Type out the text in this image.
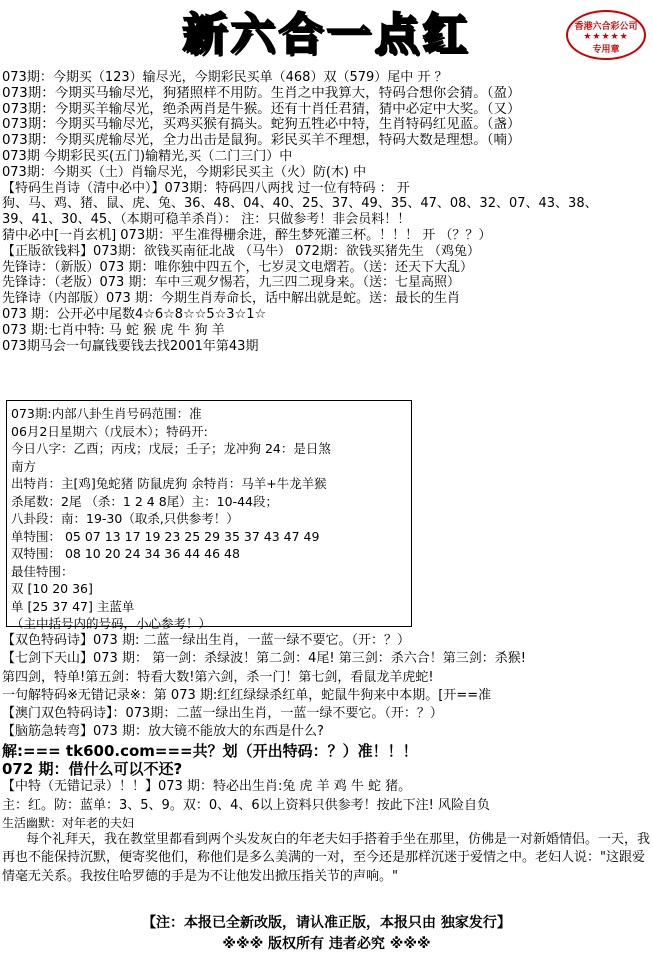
新六合一点红	香港六合彩公司
★★★★★
专用章
073期：今期买（123）输尽光，今期彩民买单（468）双（579）尾中 开 ？
073期：今期买马输尽光，狗猪照样不用防。生肖之中我算大，特码合想你会猜。（盈）
073期：今期买羊输尽光，绝杀两肖是牛猴。还有十肖任君猜，猜中必定中大奖。（又）
073期：今期买马输尽光，买鸡买猴有搞头。蛇狗五牲必中特，生肖特码红见蓝。（盏）
073期：今期买虎输尽光，全力出击是鼠狗。彩民买羊不理想，特码大数是理想。（喃）
073期 今期彩民买(五门)输精光,买（二门三门）中
073期：今期买（土）肖输尽光，今期彩民买主（火）防(木) 中
【特码生肖诗（清中必中）】073期：特码四八两找 过一位有特码 ： 开
狗、马、鸡、猪、鼠、虎、兔、36、48、04、40、25、37、49、35、47、08、32、07、43、38、
39、41、30、45、（本期可稳羊杀肖）： 注：只做参考！非会员料！！
猜中必中[一肖玄机] 073期：平生准得栅余进，醉生梦死灌三杯。！！！ 开 （？？）
【正版欲钱料】073期：欲钱买南征北战 （马牛） 072期：欲钱买猪先生 （鸡兔）
先锋诗：（新版）073 期：唯你独中四五个，七岁灵文电熠若。（送：还天下大乱）
先锋诗：（老版）073 期：车中三观夕惕若，九三四二现身来。（送：七星高照）
先锋诗（内部版）073 期：今期生肖寿命长，话中解出就是蛇。送：最长的生肖
073 期：公开必中尾数4☆6☆8☆☆5☆3☆1☆
073 期:七肖中特: 马 蛇 猴 虎 牛 狗 羊
073期马会一句赢钱要钱去找2001年第43期
073期:内部八卦生肖号码范围：准
06月2日星期六（戊辰木）；特码开:
今日八字：乙酉；丙戌；戊辰；壬子；龙冲狗 24：是日煞
南方
出特肖：主[鸡]兔蛇猪 防鼠虎狗 余特肖：马羊+牛龙羊猴
杀尾数：2尾 （杀：1 2 4 8尾）主：10-44段；
八卦段：南：19-30（取杀,只供参考！）
单特围： 05 07 13 17 19 23 25 29 35 37 43 47 49
双特围： 08 10 20 24 34 36 44 46 48
最佳特围：
双 [10 20 36]
单 [25 37 47] 主蓝单
（主中括号内的号码，小心参考！）
【双色特码诗】073 期: 二蓝一绿出生肖，一蓝一绿不要它。（开：？）
【七剑下天山】073 期： 第一剑：杀绿波！第二剑：4尾! 第三剑：杀六合！第三剑：杀猴!
第四剑，特单!第五剑：特看大数!第六剑，杀一门！第七剑，看鼠龙羊虎蛇!
一句解特码※无错记录※：第 073 期:红红绿绿杀红单，蛇鼠牛狗来中本期。[开==准
【澳门双色特码诗】：073期：二蓝一绿出生肖，一蓝一绿不要它。（开：？）
【脑筋急转弯】073 期：放大镜不能放大的东西是什么?
解:=== tk600.com===共？划（开出特码：？）准！！！
072 期：借什么可以不还?
【中特（无错记录）！！】073 期：特必出生肖:兔 虎 羊 鸡 牛 蛇 猪。
主：红。防：蓝单：3、5、9。双：0、4、6以上资料只供参考！按此下注! 风险自负
生活幽默：对年老的夫妇
每个礼拜天，我在教堂里都看到两个头发灰白的年老夫妇手搭着手坐在那里，仿佛是一对新婚情侣。一天，我再也不能保持沉默，便寄奖他们，称他们是多么美满的一对，至今还是那样沉迷于爱情之中。老妇人说："这跟爱情毫无关系。我按住哈罗德的手是为不让他发出掀压指关节的声响。"
【注：本报已全新改版，请认准正版，本报只由 独家发行】
※※※ 版权所有 违者必究 ※※※
